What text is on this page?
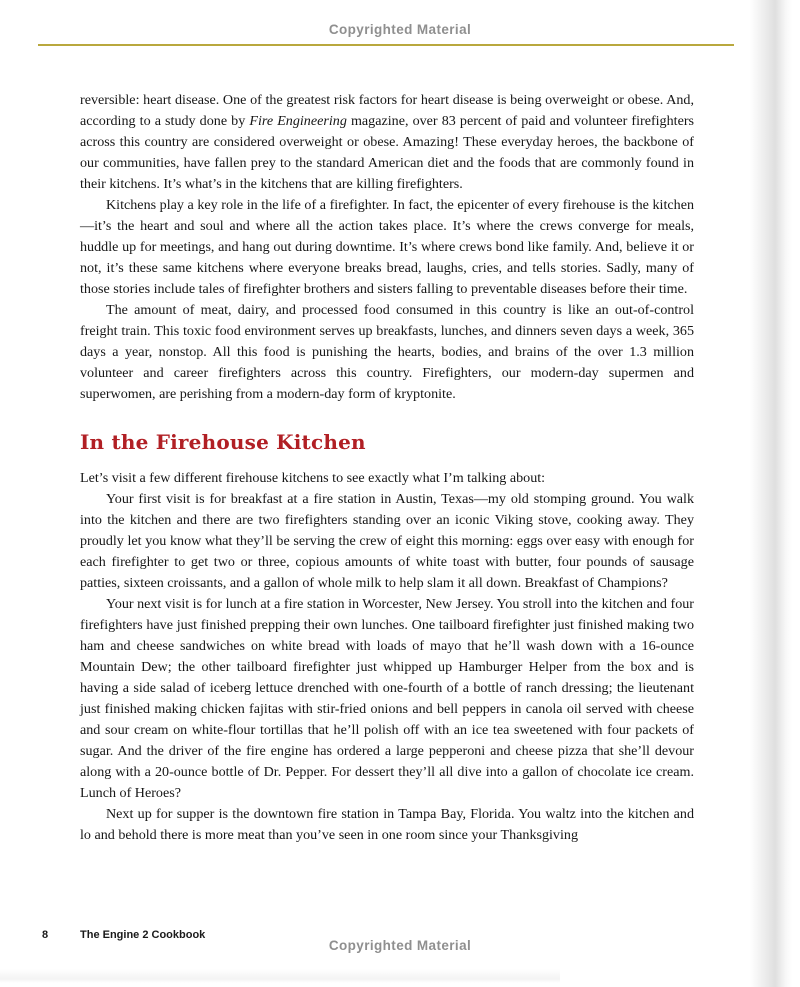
Copyrighted Material

reversible: heart disease. One of the greatest risk factors for heart disease is being overweight or obese. And, according to a study done by Fire Engineering magazine, over 83 percent of paid and volunteer firefighters across this country are considered overweight or obese. Amazing! These everyday heroes, the backbone of our communities, have fallen prey to the standard American diet and the foods that are commonly found in their kitchens. It’s what’s in the kitchens that are killing firefighters.

Kitchens play a key role in the life of a firefighter. In fact, the epicenter of every firehouse is the kitchen—it’s the heart and soul and where all the action takes place. It’s where the crews converge for meals, huddle up for meetings, and hang out during downtime. It’s where crews bond like family. And, believe it or not, it’s these same kitchens where everyone breaks bread, laughs, cries, and tells stories. Sadly, many of those stories include tales of firefighter brothers and sisters falling to preventable diseases before their time.

The amount of meat, dairy, and processed food consumed in this country is like an out-of-control freight train. This toxic food environment serves up breakfasts, lunches, and dinners seven days a week, 365 days a year, nonstop. All this food is punishing the hearts, bodies, and brains of the over 1.3 million volunteer and career firefighters across this country. Firefighters, our modern-day supermen and superwomen, are perishing from a modern-day form of kryptonite.

In the Firehouse Kitchen

Let’s visit a few different firehouse kitchens to see exactly what I’m talking about:

Your first visit is for breakfast at a fire station in Austin, Texas—my old stomping ground. You walk into the kitchen and there are two firefighters standing over an iconic Viking stove, cooking away. They proudly let you know what they’ll be serving the crew of eight this morning: eggs over easy with enough for each firefighter to get two or three, copious amounts of white toast with butter, four pounds of sausage patties, sixteen croissants, and a gallon of whole milk to help slam it all down. Breakfast of Champions?

Your next visit is for lunch at a fire station in Worcester, New Jersey. You stroll into the kitchen and four firefighters have just finished prepping their own lunches. One tailboard firefighter just finished making two ham and cheese sandwiches on white bread with loads of mayo that he’ll wash down with a 16-ounce Mountain Dew; the other tailboard firefighter just whipped up Hamburger Helper from the box and is having a side salad of iceberg lettuce drenched with one-fourth of a bottle of ranch dressing; the lieutenant just finished making chicken fajitas with stir-fried onions and bell peppers in canola oil served with cheese and sour cream on white-flour tortillas that he’ll polish off with an ice tea sweetened with four packets of sugar. And the driver of the fire engine has ordered a large pepperoni and cheese pizza that she’ll devour along with a 20-ounce bottle of Dr. Pepper. For dessert they’ll all dive into a gallon of chocolate ice cream. Lunch of Heroes?

Next up for supper is the downtown fire station in Tampa Bay, Florida. You waltz into the kitchen and lo and behold there is more meat than you’ve seen in one room since your Thanksgiving

8	The Engine 2 Cookbook
Copyrighted Material
